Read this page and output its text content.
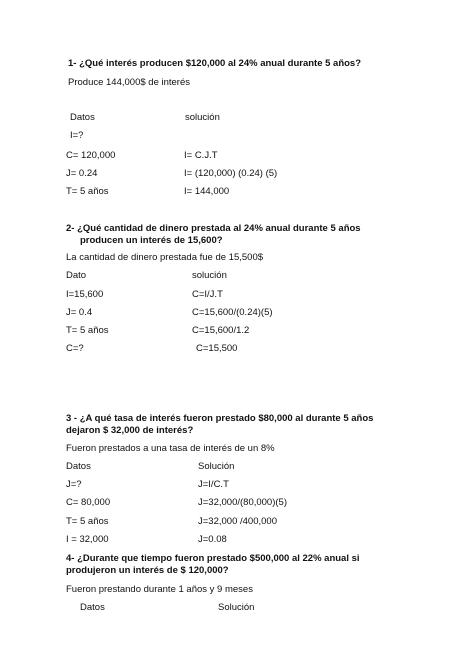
1- ¿Qué interés producen $120,000 al 24% anual durante 5 años?
Produce 144,000$ de interés
Datos	solución
I=?
C= 120,000	I= C.J.T
J= 0.24	I= (120,000) (0.24) (5)
T= 5 años	I= 144,000
2- ¿Qué cantidad de dinero prestada al 24% anual durante 5 años
producen un interés de 15,600?
La cantidad de dinero prestada fue de 15,500$
Dato	solución
I=15,600	C=I/J.T
J= 0.4	C=15,600/(0.24)(5)
T= 5 años	C=15,600/1.2
C=?	C=15,500
3 - ¿A qué tasa de interés fueron prestado $80,000 al durante 5 años
dejaron $ 32,000 de interés?
Fueron prestados a una tasa de interés de un 8%
Datos	Solución
J=?	J=I/C.T
C= 80,000	J=32,000/(80,000)(5)
T= 5 años	J=32,000 /400,000
I = 32,000	J=0.08
4- ¿Durante que tiempo fueron prestado $500,000 al 22% anual si
produjeron un interés de $ 120,000?
Fueron prestando durante 1 años y 9 meses
Datos	Solución
